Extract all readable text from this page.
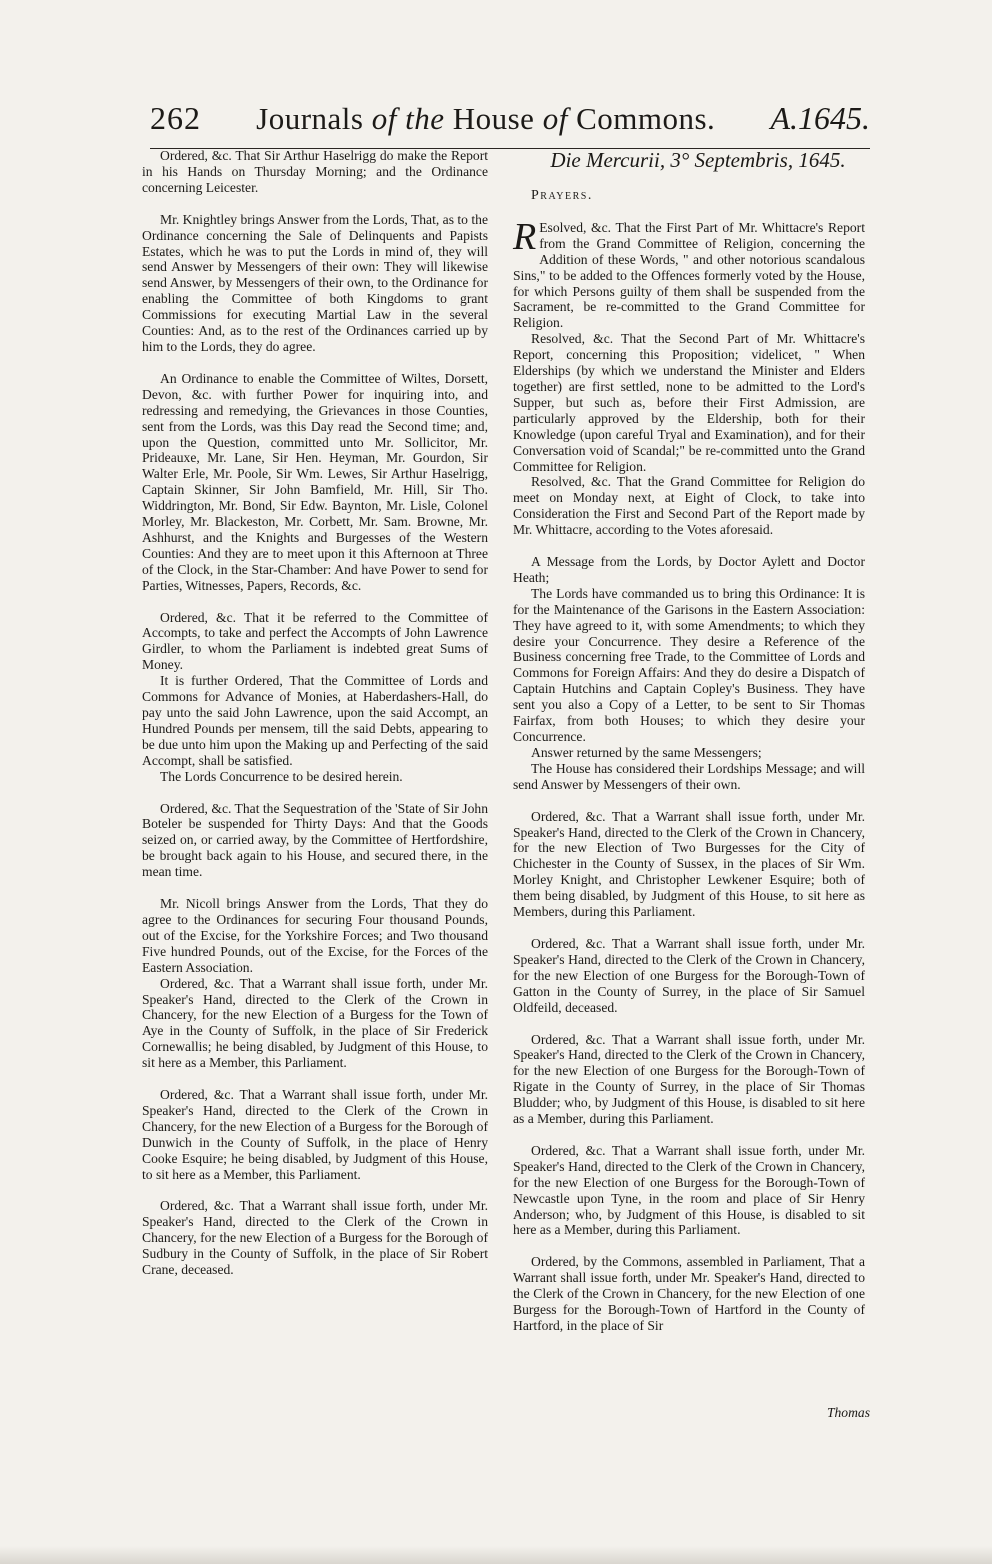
262 Journals of the House of Commons. A.1645.

Ordered, &c. That Sir Arthur Haselrigg do make the Report in his Hands on Thursday Morning; and the Ordinance concerning Leicester.

Mr. Knightley brings Answer from the Lords, That, as to the Ordinance concerning the Sale of Delinquents and Papists Estates, which he was to put the Lords in mind of, they will send Answer by Messengers of their own: They will likewise send Answer, by Messengers of their own, to the Ordinance for enabling the Committee of both Kingdoms to grant Commissions for executing Martial Law in the several Counties: And, as to the rest of the Ordinances carried up by him to the Lords, they do agree.

An Ordinance to enable the Committee of Wiltes, Dorsett, Devon, &c. with further Power for inquiring into, and redressing and remedying, the Grievances in those Counties, sent from the Lords, was this Day read the Second time; and, upon the Question, committed unto Mr. Sollicitor, Mr. Prideauxe, Mr. Lane, Sir Hen. Heyman, Mr. Gourdon, Sir Walter Erle, Mr. Poole, Sir Wm. Lewes, Sir Arthur Haselrigg, Captain Skinner, Sir John Bamfield, Mr. Hill, Sir Tho. Widdrington, Mr. Bond, Sir Edw. Baynton, Mr. Lisle, Colonel Morley, Mr. Blackeston, Mr. Corbett, Mr. Sam. Browne, Mr. Ashhurst, and the Knights and Burgesses of the Western Counties: And they are to meet upon it this Afternoon at Three of the Clock, in the Star-Chamber: And have Power to send for Parties, Witnesses, Papers, Records, &c.

Ordered, &c. That it be referred to the Committee of Accompts, to take and perfect the Accompts of John Lawrence Girdler, to whom the Parliament is indebted great Sums of Money.

It is further Ordered, That the Committee of Lords and Commons for Advance of Monies, at Haberdashers-Hall, do pay unto the said John Lawrence, upon the said Accompt, an Hundred Pounds per mensem, till the said Debts, appearing to be due unto him upon the Making up and Perfecting of the said Accompt, shall be satisfied.

The Lords Concurrence to be desired herein.

Ordered, &c. That the Sequestration of the 'State of Sir John Boteler be suspended for Thirty Days: And that the Goods seized on, or carried away, by the Committee of Hertfordshire, be brought back again to his House, and secured there, in the mean time.

Mr. Nicoll brings Answer from the Lords, That they do agree to the Ordinances for securing Four thousand Pounds, out of the Excise, for the Yorkshire Forces; and Two thousand Five hundred Pounds, out of the Excise, for the Forces of the Eastern Association.

Ordered, &c. That a Warrant shall issue forth, under Mr. Speaker's Hand, directed to the Clerk of the Crown in Chancery, for the new Election of a Burgess for the Town of Aye in the County of Suffolk, in the place of Sir Frederick Cornewallis; he being disabled, by Judgment of this House, to sit here as a Member, this Parliament.

Ordered, &c. That a Warrant shall issue forth, under Mr. Speaker's Hand, directed to the Clerk of the Crown in Chancery, for the new Election of a Burgess for the Borough of Dunwich in the County of Suffolk, in the place of Henry Cooke Esquire; he being disabled, by Judgment of this House, to sit here as a Member, this Parliament.

Ordered, &c. That a Warrant shall issue forth, under Mr. Speaker's Hand, directed to the Clerk of the Crown in Chancery, for the new Election of a Burgess for the Borough of Sudbury in the County of Suffolk, in the place of Sir Robert Crane, deceased.

Die Mercurii, 3° Septembris, 1645.

Prayers.

R Esolved, &c. That the First Part of Mr. Whittacre's Report from the Grand Committee of Religion, concerning the Addition of these Words, " and other notorious scandalous Sins," to be added to the Offences formerly voted by the House, for which Persons guilty of them shall be suspended from the Sacrament, be re-committed to the Grand Committee for Religion.

Resolved, &c. That the Second Part of Mr. Whittacre's Report, concerning this Proposition; videlicet, " When Elderships (by which we understand the Minister and Elders together) are first settled, none to be admitted to the Lord's Supper, but such as, before their First Admission, are particularly approved by the Eldership, both for their Knowledge (upon careful Tryal and Examination), and for their Conversation void of Scandal;" be re-committed unto the Grand Committee for Religion.

Resolved, &c. That the Grand Committee for Religion do meet on Monday next, at Eight of Clock, to take into Consideration the First and Second Part of the Report made by Mr. Whittacre, according to the Votes aforesaid.

A Message from the Lords, by Doctor Aylett and Doctor Heath;

The Lords have commanded us to bring this Ordinance: It is for the Maintenance of the Garisons in the Eastern Association: They have agreed to it, with some Amendments; to which they desire your Concurrence. They desire a Reference of the Business concerning free Trade, to the Committee of Lords and Commons for Foreign Affairs: And they do desire a Dispatch of Captain Hutchins and Captain Copley's Business. They have sent you also a Copy of a Letter, to be sent to Sir Thomas Fairfax, from both Houses; to which they desire your Concurrence.

Answer returned by the same Messengers;

The House has considered their Lordships Message; and will send Answer by Messengers of their own.

Ordered, &c. That a Warrant shall issue forth, under Mr. Speaker's Hand, directed to the Clerk of the Crown in Chancery, for the new Election of Two Burgesses for the City of Chichester in the County of Sussex, in the places of Sir Wm. Morley Knight, and Christopher Lewkener Esquire; both of them being disabled, by Judgment of this House, to sit here as Members, during this Parliament.

Ordered, &c. That a Warrant shall issue forth, under Mr. Speaker's Hand, directed to the Clerk of the Crown in Chancery, for the new Election of one Burgess for the Borough-Town of Gatton in the County of Surrey, in the place of Sir Samuel Oldfeild, deceased.

Ordered, &c. That a Warrant shall issue forth, under Mr. Speaker's Hand, directed to the Clerk of the Crown in Chancery, for the new Election of one Burgess for the Borough-Town of Rigate in the County of Surrey, in the place of Sir Thomas Bludder; who, by Judgment of this House, is disabled to sit here as a Member, during this Parliament.

Ordered, &c. That a Warrant shall issue forth, under Mr. Speaker's Hand, directed to the Clerk of the Crown in Chancery, for the new Election of one Burgess for the Borough-Town of Newcastle upon Tyne, in the room and place of Sir Henry Anderson; who, by Judgment of this House, is disabled to sit here as a Member, during this Parliament.

Ordered, by the Commons, assembled in Parliament, That a Warrant shall issue forth, under Mr. Speaker's Hand, directed to the Clerk of the Crown in Chancery, for the new Election of one Burgess for the Borough-Town of Hartford in the County of Hartford, in the place of Sir

Thomas
